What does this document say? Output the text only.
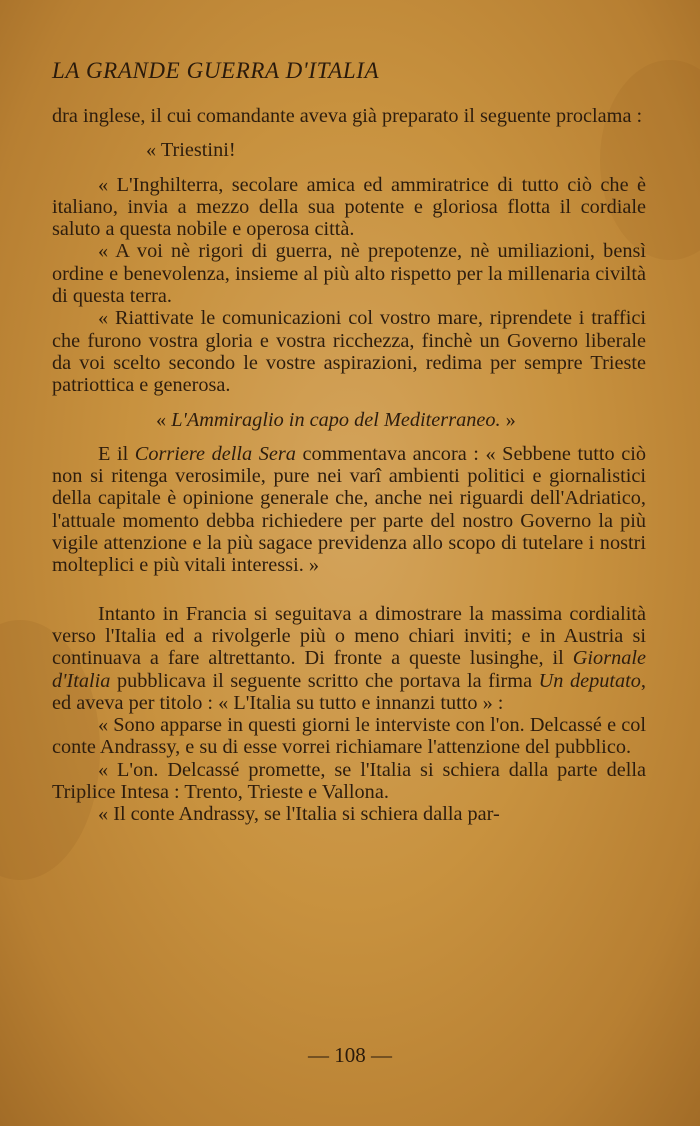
LA GRANDE GUERRA D'ITALIA

dra inglese, il cui comandante aveva già preparato il seguente proclama :

« Triestini!

« L'Inghilterra, secolare amica ed ammiratrice di tutto ciò che è italiano, invia a mezzo della sua potente e gloriosa flotta il cordiale saluto a questa nobile e operosa città.

« A voi nè rigori di guerra, nè prepotenze, nè umiliazioni, bensì ordine e benevolenza, insieme al più alto rispetto per la millenaria civiltà di questa terra.

« Riattivate le comunicazioni col vostro mare, riprendete i traffici che furono vostra gloria e vostra ricchezza, finchè un Governo liberale da voi scelto secondo le vostre aspirazioni, redima per sempre Trieste patriottica e generosa.

« L'Ammiraglio in capo del Mediterraneo. »

E il Corriere della Sera commentava ancora : « Sebbene tutto ciò non si ritenga verosimile, pure nei varî ambienti politici e giornalistici della capitale è opinione generale che, anche nei riguardi dell'Adriatico, l'attuale momento debba richiedere per parte del nostro Governo la più vigile attenzione e la più sagace previdenza allo scopo di tutelare i nostri molteplici e più vitali interessi. »

Intanto in Francia si seguitava a dimostrare la massima cordialità verso l'Italia ed a rivolgerle più o meno chiari inviti; e in Austria si continuava a fare altrettanto. Di fronte a queste lusinghe, il Giornale d'Italia pubblicava il seguente scritto che portava la firma Un deputato, ed aveva per titolo : « L'Italia su tutto e innanzi tutto » :

« Sono apparse in questi giorni le interviste con l'on. Delcassé e col conte Andrassy, e su di esse vorrei richiamare l'attenzione del pubblico.

« L'on. Delcassé promette, se l'Italia si schiera dalla parte della Triplice Intesa : Trento, Trieste e Vallona.

« Il conte Andrassy, se l'Italia si schiera dalla par-

— 108 —
